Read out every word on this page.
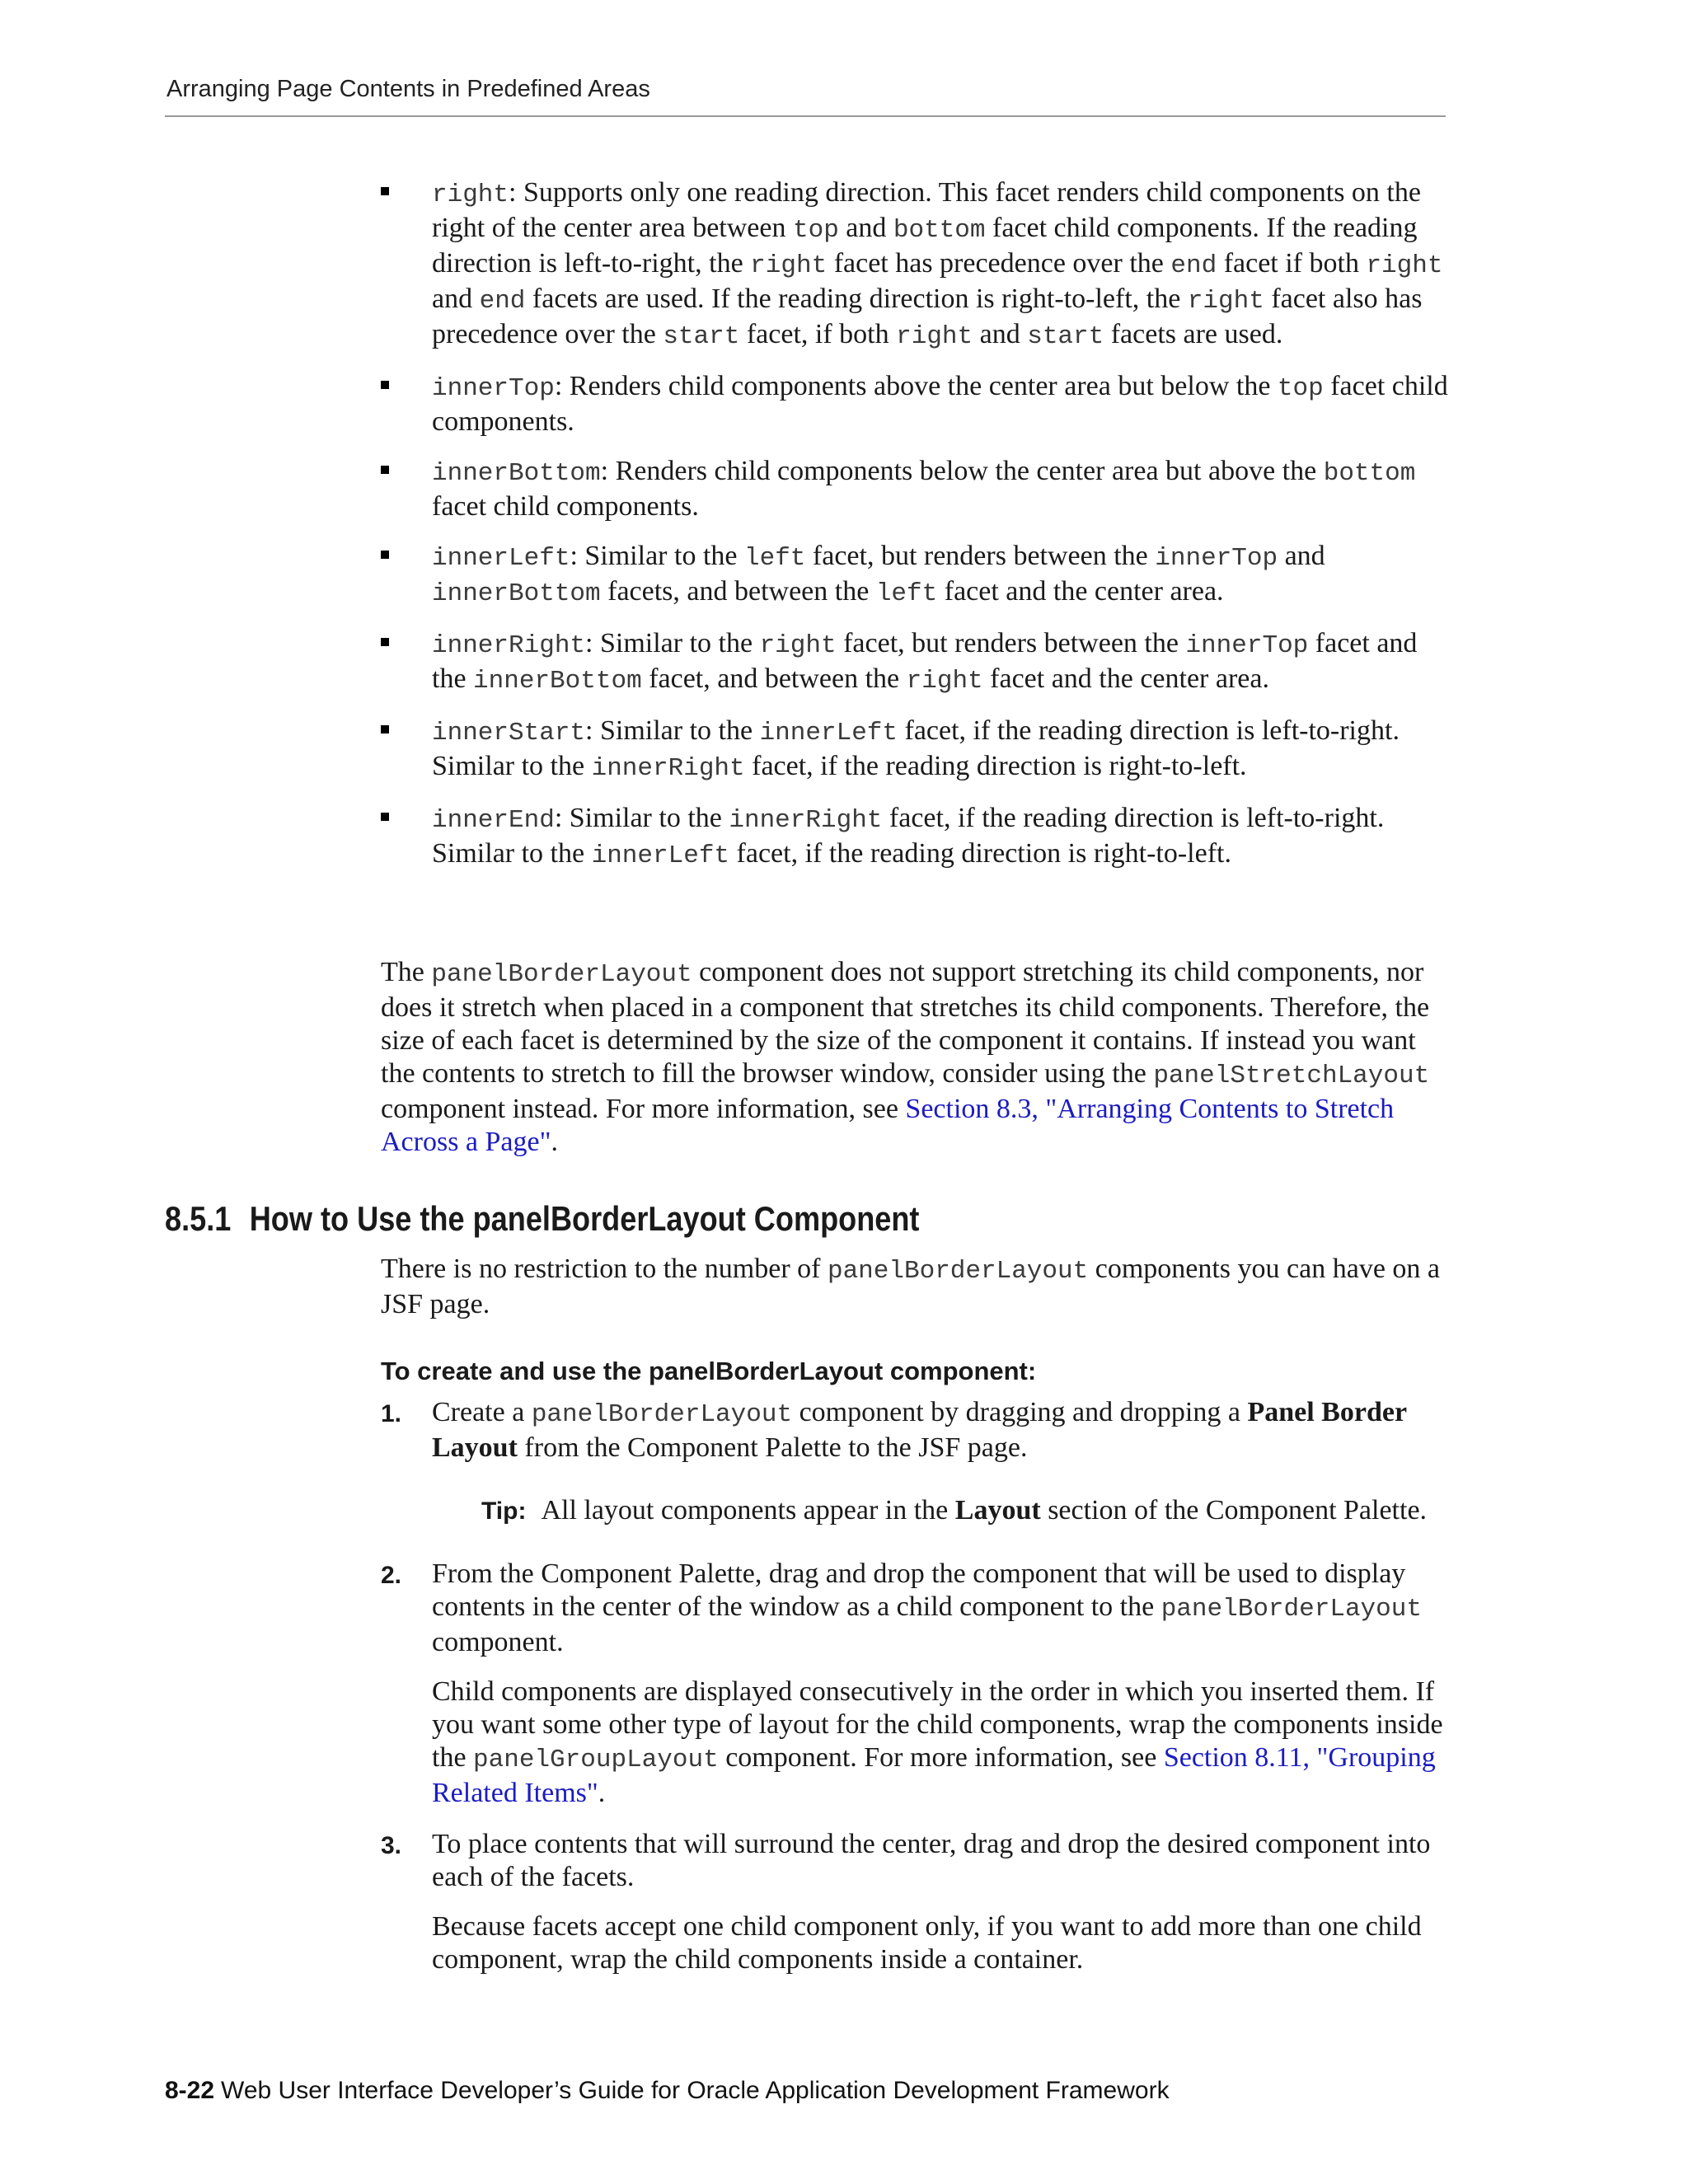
Arranging Page Contents in Predefined Areas
right: Supports only one reading direction. This facet renders child components on the right of the center area between top and bottom facet child components. If the reading direction is left-to-right, the right facet has precedence over the end facet if both right and end facets are used. If the reading direction is right-to-left, the right facet also has precedence over the start facet, if both right and start facets are used.
innerTop: Renders child components above the center area but below the top facet child components.
innerBottom: Renders child components below the center area but above the bottom facet child components.
innerLeft: Similar to the left facet, but renders between the innerTop and innerBottom facets, and between the left facet and the center area.
innerRight: Similar to the right facet, but renders between the innerTop facet and the innerBottom facet, and between the right facet and the center area.
innerStart: Similar to the innerLeft facet, if the reading direction is left-to-right. Similar to the innerRight facet, if the reading direction is right-to-left.
innerEnd: Similar to the innerRight facet, if the reading direction is left-to-right. Similar to the innerLeft facet, if the reading direction is right-to-left.

The panelBorderLayout component does not support stretching its child components, nor does it stretch when placed in a component that stretches its child components. Therefore, the size of each facet is determined by the size of the component it contains. If instead you want the contents to stretch to fill the browser window, consider using the panelStretchLayout component instead. For more information, see Section 8.3, "Arranging Contents to Stretch Across a Page".

8.5.1 How to Use the panelBorderLayout Component

There is no restriction to the number of panelBorderLayout components you can have on a JSF page.

To create and use the panelBorderLayout component:
1. Create a panelBorderLayout component by dragging and dropping a Panel Border Layout from the Component Palette to the JSF page.

Tip: All layout components appear in the Layout section of the Component Palette.
2. From the Component Palette, drag and drop the component that will be used to display contents in the center of the window as a child component to the panelBorderLayout component.

Child components are displayed consecutively in the order in which you inserted them. If you want some other type of layout for the child components, wrap the components inside the panelGroupLayout component. For more information, see Section 8.11, "Grouping Related Items".

3. To place contents that will surround the center, drag and drop the desired component into each of the facets.

Because facets accept one child component only, if you want to add more than one child component, wrap the child components inside a container.

8-22 Web User Interface Developer’s Guide for Oracle Application Development Framework
